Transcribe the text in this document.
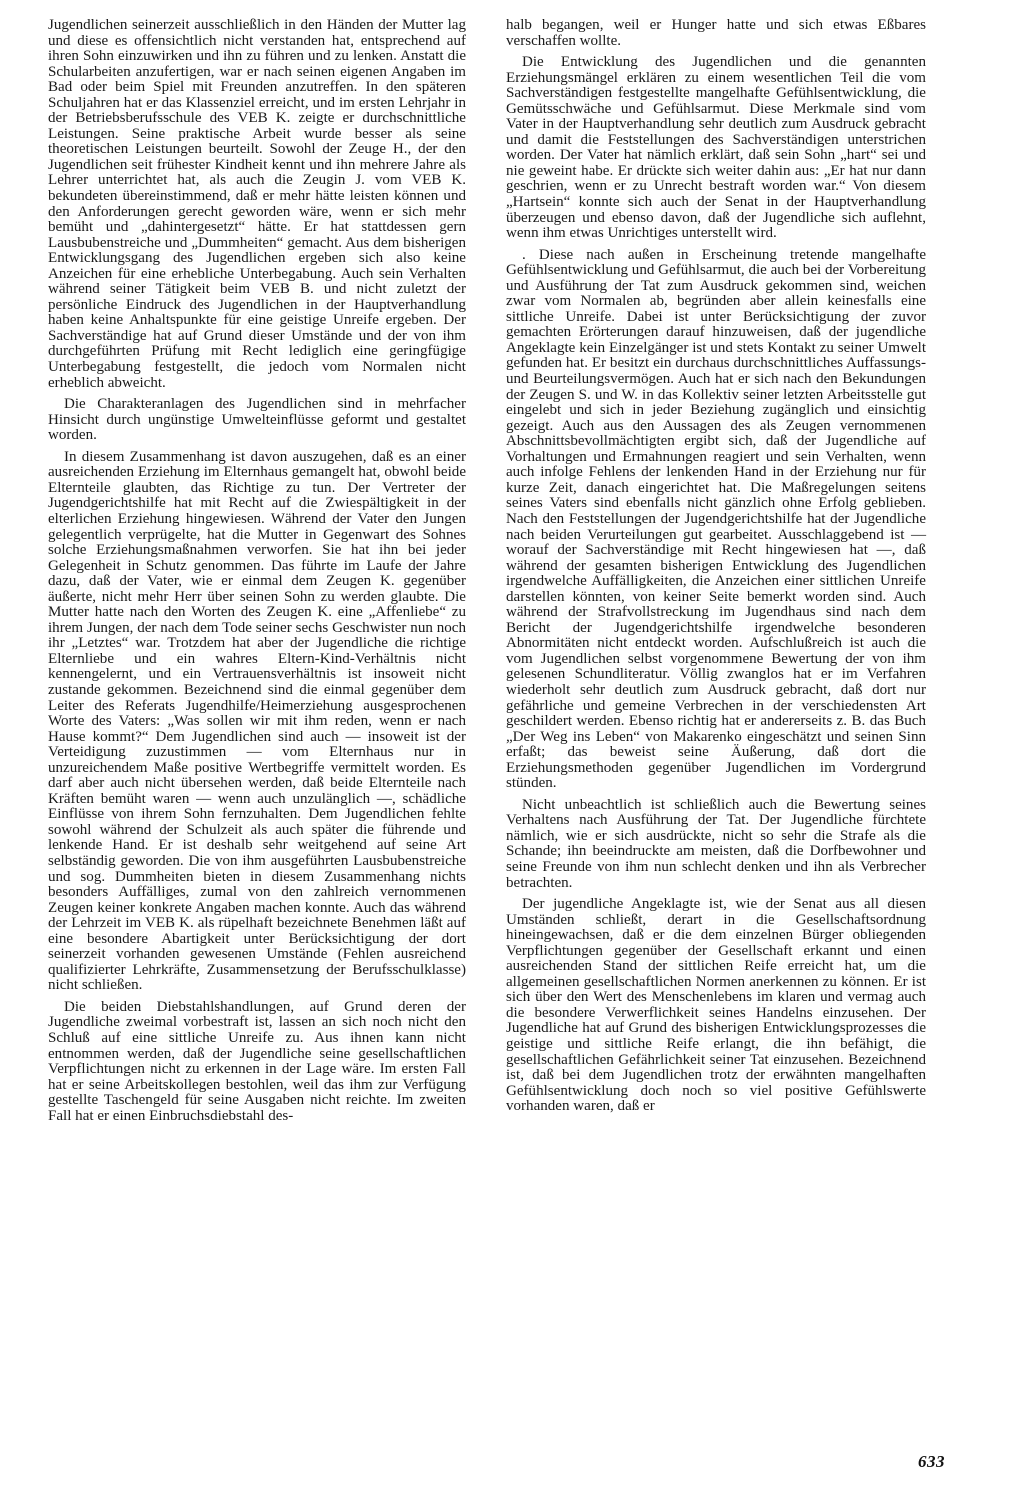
Jugendlichen seinerzeit ausschließlich in den Händen der Mutter lag und diese es offensichtlich nicht verstanden hat, entsprechend auf ihren Sohn einzuwirken und ihn zu führen und zu lenken. Anstatt die Schularbeiten anzufertigen, war er nach seinen eigenen Angaben im Bad oder beim Spiel mit Freunden anzutreffen. In den späteren Schuljahren hat er das Klassenziel erreicht, und im ersten Lehrjahr in der Betriebsberufsschule des VEB K. zeigte er durchschnittliche Leistungen. Seine praktische Arbeit wurde besser als seine theoretischen Leistungen beurteilt. Sowohl der Zeuge H., der den Jugendlichen seit frühester Kindheit kennt und ihn mehrere Jahre als Lehrer unterrichtet hat, als auch die Zeugin J. vom VEB K. bekundeten übereinstimmend, daß er mehr hätte leisten können und den Anforderungen gerecht geworden wäre, wenn er sich mehr bemüht und „dahintergesetzt“ hätte. Er hat stattdessen gern Lausbubenstreiche und „Dummheiten“ gemacht. Aus dem bisherigen Entwicklungsgang des Jugendlichen ergeben sich also keine Anzeichen für eine erhebliche Unterbegabung. Auch sein Verhalten während seiner Tätigkeit beim VEB B. und nicht zuletzt der persönliche Eindruck des Jugendlichen in der Hauptverhandlung haben keine Anhaltspunkte für eine geistige Unreife ergeben. Der Sachverständige hat auf Grund dieser Umstände und der von ihm durchgeführten Prüfung mit Recht lediglich eine geringfügige Unterbegabung festgestellt, die jedoch vom Normalen nicht erheblich abweicht.

Die Charakteranlagen des Jugendlichen sind in mehrfacher Hinsicht durch ungünstige Umwelteinflüsse geformt und gestaltet worden.

In diesem Zusammenhang ist davon auszugehen, daß es an einer ausreichenden Erziehung im Elternhaus gemangelt hat, obwohl beide Elternteile glaubten, das Richtige zu tun. Der Vertreter der Jugendgerichtshilfe hat mit Recht auf die Zwiespältigkeit in der elterlichen Erziehung hingewiesen. Während der Vater den Jungen gelegentlich verprügelte, hat die Mutter in Gegenwart des Sohnes solche Erziehungsmaßnahmen verworfen. Sie hat ihn bei jeder Gelegenheit in Schutz genommen. Das führte im Laufe der Jahre dazu, daß der Vater, wie er einmal dem Zeugen K. gegenüber äußerte, nicht mehr Herr über seinen Sohn zu werden glaubte. Die Mutter hatte nach den Worten des Zeugen K. eine „Affenliebe“ zu ihrem Jungen, der nach dem Tode seiner sechs Geschwister nun noch ihr „Letztes“ war. Trotzdem hat aber der Jugendliche die richtige Elternliebe und ein wahres Eltern-Kind-Verhältnis nicht kennengelernt, und ein Vertrauensverhältnis ist insoweit nicht zustande gekommen. Bezeichnend sind die einmal gegenüber dem Leiter des Referats Jugendhilfe/Heimerziehung ausgesprochenen Worte des Vaters: „Was sollen wir mit ihm reden, wenn er nach Hause kommt?“ Dem Jugendlichen sind auch — insoweit ist der Verteidigung zuzustimmen — vom Elternhaus nur in unzureichendem Maße positive Wertbegriffe vermittelt worden. Es darf aber auch nicht übersehen werden, daß beide Elternteile nach Kräften bemüht waren — wenn auch unzulänglich —, schädliche Einflüsse von ihrem Sohn fernzuhalten. Dem Jugendlichen fehlte sowohl während der Schulzeit als auch später die führende und lenkende Hand. Er ist deshalb sehr weitgehend auf seine Art selbständig geworden. Die von ihm ausgeführten Lausbubenstreiche und sog. Dummheiten bieten in diesem Zusammenhang nichts besonders Auffälliges, zumal von den zahlreich vernommenen Zeugen keiner konkrete Angaben machen konnte. Auch das während der Lehrzeit im VEB K. als rüpelhaft bezeichnete Benehmen läßt auf eine besondere Abartigkeit unter Berücksichtigung der dort seinerzeit vorhanden gewesenen Umstände (Fehlen ausreichend qualifizierter Lehrkräfte, Zusammensetzung der Berufsschulklasse) nicht schließen.

Die beiden Diebstahlshandlungen, auf Grund deren der Jugendliche zweimal vorbestraft ist, lassen an sich noch nicht den Schluß auf eine sittliche Unreife zu. Aus ihnen kann nicht entnommen werden, daß der Jugendliche seine gesellschaftlichen Verpflichtungen nicht zu erkennen in der Lage wäre. Im ersten Fall hat er seine Arbeitskollegen bestohlen, weil das ihm zur Verfügung gestellte Taschengeld für seine Ausgaben nicht reichte. Im zweiten Fall hat er einen Einbruchsdiebstahl des-

halb begangen, weil er Hunger hatte und sich etwas Eßbares verschaffen wollte.

Die Entwicklung des Jugendlichen und die genannten Erziehungsmängel erklären zu einem wesentlichen Teil die vom Sachverständigen festgestellte mangelhafte Gefühlsentwicklung, die Gemütsschwäche und Gefühlsarmut. Diese Merkmale sind vom Vater in der Hauptverhandlung sehr deutlich zum Ausdruck gebracht und damit die Feststellungen des Sachverständigen unterstrichen worden. Der Vater hat nämlich erklärt, daß sein Sohn „hart“ sei und nie geweint habe. Er drückte sich weiter dahin aus: „Er hat nur dann geschrien, wenn er zu Unrecht bestraft worden war.“ Von diesem „Hartsein“ konnte sich auch der Senat in der Hauptverhandlung überzeugen und ebenso davon, daß der Jugendliche sich auflehnt, wenn ihm etwas Unrichtiges unterstellt wird.

. Diese nach außen in Erscheinung tretende mangelhafte Gefühlsentwicklung und Gefühlsarmut, die auch bei der Vorbereitung und Ausführung der Tat zum Ausdruck gekommen sind, weichen zwar vom Normalen ab, begründen aber allein keinesfalls eine sittliche Unreife. Dabei ist unter Berücksichtigung der zuvor gemachten Erörterungen darauf hinzuweisen, daß der jugendliche Angeklagte kein Einzelgänger ist und stets Kontakt zu seiner Umwelt gefunden hat. Er besitzt ein durchaus durchschnittliches Auffassungs- und Beurteilungsvermögen. Auch hat er sich nach den Bekundungen der Zeugen S. und W. in das Kollektiv seiner letzten Arbeitsstelle gut eingelebt und sich in jeder Beziehung zugänglich und einsichtig gezeigt. Auch aus den Aussagen des als Zeugen vernommenen Abschnittsbevollmächtigten ergibt sich, daß der Jugendliche auf Vorhaltungen und Ermahnungen reagiert und sein Verhalten, wenn auch infolge Fehlens der lenkenden Hand in der Erziehung nur für kurze Zeit, danach eingerichtet hat. Die Maßregelungen seitens seines Vaters sind ebenfalls nicht gänzlich ohne Erfolg geblieben. Nach den Feststellungen der Jugendgerichtshilfe hat der Jugendliche nach beiden Verurteilungen gut gearbeitet. Ausschlaggebend ist — worauf der Sachverständige mit Recht hingewiesen hat —, daß während der gesamten bisherigen Entwicklung des Jugendlichen irgendwelche Auffälligkeiten, die Anzeichen einer sittlichen Unreife darstellen könnten, von keiner Seite bemerkt worden sind. Auch während der Strafvollstreckung im Jugendhaus sind nach dem Bericht der Jugendgerichtshilfe irgendwelche besonderen Abnormitäten nicht entdeckt worden. Aufschlußreich ist auch die vom Jugendlichen selbst vorgenommene Bewertung der von ihm gelesenen Schundliteratur. Völlig zwanglos hat er im Verfahren wiederholt sehr deutlich zum Ausdruck gebracht, daß dort nur gefährliche und gemeine Verbrechen in der verschiedensten Art geschildert werden. Ebenso richtig hat er andererseits z. B. das Buch „Der Weg ins Leben“ von Makarenko eingeschätzt und seinen Sinn erfaßt; das beweist seine Äußerung, daß dort die Erziehungsmethoden gegenüber Jugendlichen im Vordergrund stünden.

Nicht unbeachtlich ist schließlich auch die Bewertung seines Verhaltens nach Ausführung der Tat. Der Jugendliche fürchtete nämlich, wie er sich ausdrückte, nicht so sehr die Strafe als die Schande; ihn beeindruckte am meisten, daß die Dorfbewohner und seine Freunde von ihm nun schlecht denken und ihn als Verbrecher betrachten.

Der jugendliche Angeklagte ist, wie der Senat aus all diesen Umständen schließt, derart in die Gesellschaftsordnung hineingewachsen, daß er die dem einzelnen Bürger obliegenden Verpflichtungen gegenüber der Gesellschaft erkannt und einen ausreichenden Stand der sittlichen Reife erreicht hat, um die allgemeinen gesellschaftlichen Normen anerkennen zu können. Er ist sich über den Wert des Menschenlebens im klaren und vermag auch die besondere Verwerflichkeit seines Handelns einzusehen. Der Jugendliche hat auf Grund des bisherigen Entwicklungsprozesses die geistige und sittliche Reife erlangt, die ihn befähigt, die gesellschaftlichen Gefährlichkeit seiner Tat einzusehen. Bezeichnend ist, daß bei dem Jugendlichen trotz der erwähnten mangelhaften Gefühlsentwicklung doch noch so viel positive Gefühlswerte vorhanden waren, daß er

633
